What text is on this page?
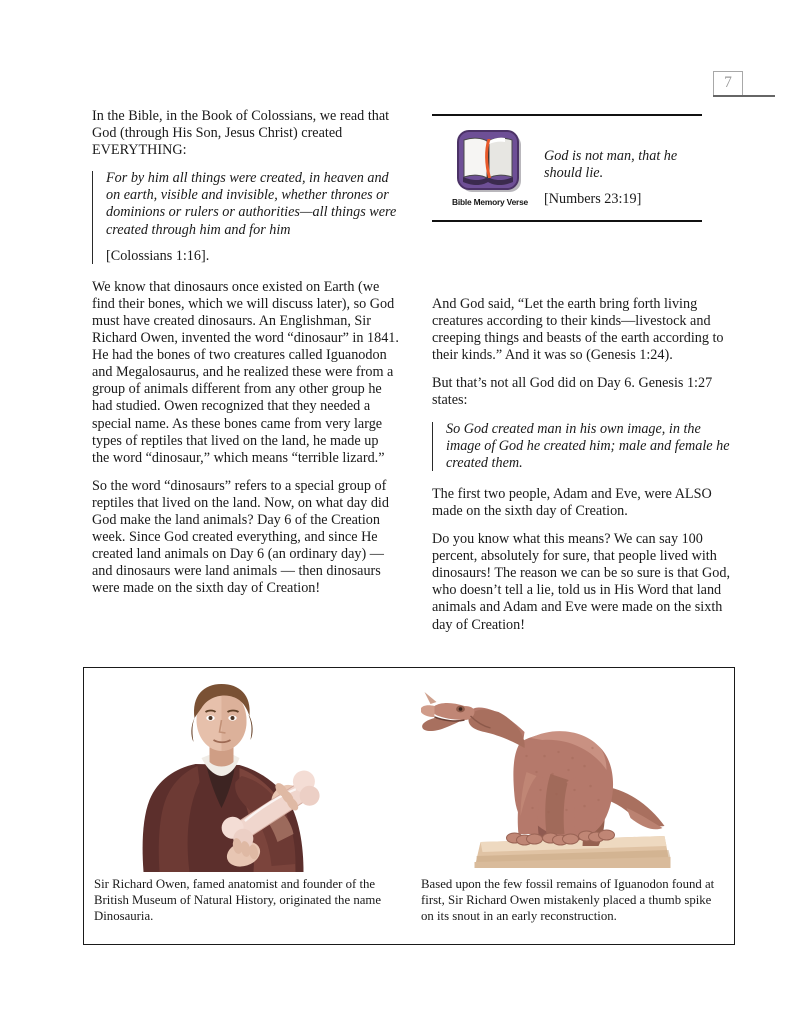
7

In the Bible, in the Book of Colossians, we read that God (through His Son, Jesus Christ) created EVERYTHING:

For by him all things were created, in heaven and on earth, visible and invisible, whether thrones or dominions or rulers or authorities—all things were created through him and for him

[Colossians 1:16].

We know that dinosaurs once existed on Earth (we find their bones, which we will discuss later), so God must have created dinosaurs. An Englishman, Sir Richard Owen, invented the word “dinosaur” in 1841. He had the bones of two creatures called Iguanodon and Megalosaurus, and he realized these were from a group of animals different from any other group he had studied. Owen recognized that they needed a special name. As these bones came from very large types of reptiles that lived on the land, he made up the word “dinosaur,” which means “terrible lizard.”

So the word “dinosaurs” refers to a special group of reptiles that lived on the land. Now, on what day did God make the land animals? Day 6 of the Creation week. Since God created everything, and since He created land animals on Day 6 (an ordinary day) — and dinosaurs were land animals — then dinosaurs were made on the sixth day of Creation!

Bible Memory Verse

God is not man, that he should lie.

[Numbers 23:19]

And God said, “Let the earth bring forth living creatures according to their kinds—livestock and creeping things and beasts of the earth according to their kinds.” And it was so (Genesis 1:24).

But that’s not all God did on Day 6. Genesis 1:27 states:

So God created man in his own image, in the image of God he created him; male and female he created them.

The first two people, Adam and Eve, were ALSO made on the sixth day of Creation.

Do you know what this means? We can say 100 percent, absolutely for sure, that people lived with dinosaurs! The reason we can be so sure is that God, who doesn’t tell a lie, told us in His Word that land animals and Adam and Eve were made on the sixth day of Creation!

Sir Richard Owen, famed anatomist and founder of the British Museum of Natural History, originated the name Dinosauria.
Based upon the few fossil remains of Iguanodon found at first, Sir Richard Owen mistakenly placed a thumb spike on its snout in an early reconstruction.
